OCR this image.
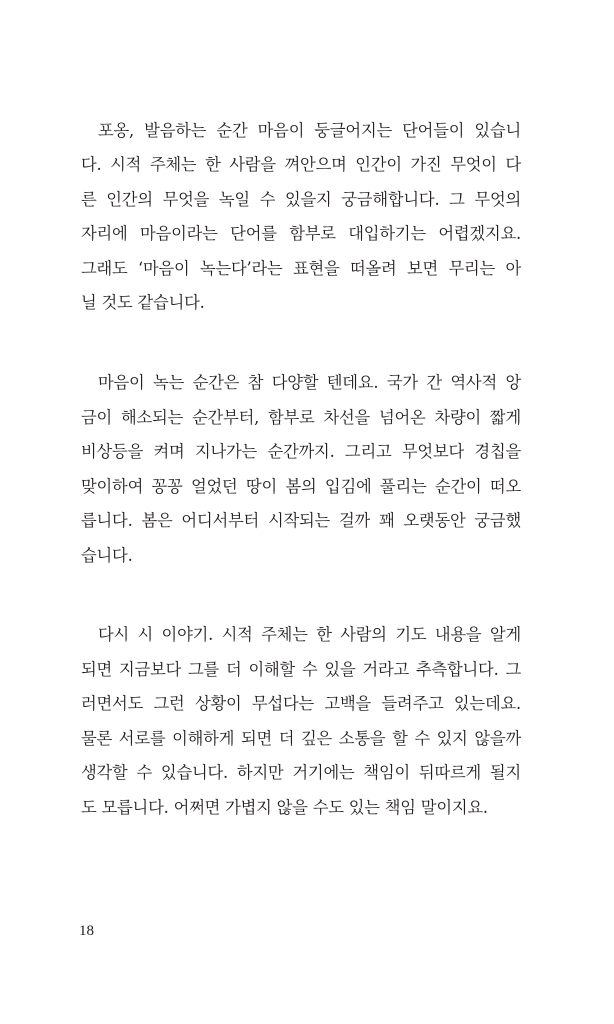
포옹, 발음하는 순간 마음이 둥글어지는 단어들이 있습니
다. 시적 주체는 한 사람을 껴안으며 인간이 가진 무엇이 다
른 인간의 무엇을 녹일 수 있을지 궁금해합니다. 그 무엇의
자리에 마음이라는 단어를 함부로 대입하기는 어렵겠지요.
그래도 ‘마음이 녹는다’라는 표현을 떠올려 보면 무리는 아
닐 것도 같습니다.
마음이 녹는 순간은 참 다양할 텐데요. 국가 간 역사적 앙
금이 해소되는 순간부터, 함부로 차선을 넘어온 차량이 짧게
비상등을 켜며 지나가는 순간까지. 그리고 무엇보다 경칩을
맞이하여 꽁꽁 얼었던 땅이 봄의 입김에 풀리는 순간이 떠오
릅니다. 봄은 어디서부터 시작되는 걸까 꽤 오랫동안 궁금했
습니다.
다시 시 이야기. 시적 주체는 한 사람의 기도 내용을 알게
되면 지금보다 그를 더 이해할 수 있을 거라고 추측합니다. 그
러면서도 그런 상황이 무섭다는 고백을 들려주고 있는데요.
물론 서로를 이해하게 되면 더 깊은 소통을 할 수 있지 않을까
생각할 수 있습니다. 하지만 거기에는 책임이 뒤따르게 될지
도 모릅니다. 어쩌면 가볍지 않을 수도 있는 책임 말이지요.
18
